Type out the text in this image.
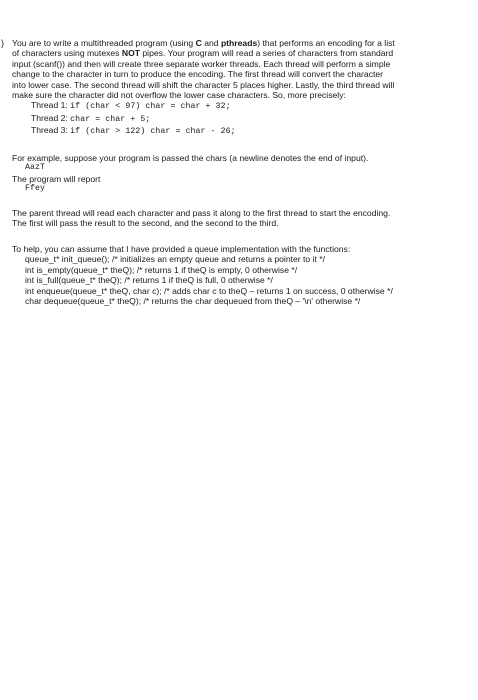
) You are to write a multithreaded program (using C and pthreads) that performs an encoding for a list
of characters using mutexes NOT pipes. Your program will read a series of characters from standard
input (scanf()) and then will create three separate worker threads. Each thread will perform a simple
change to the character in turn to produce the encoding. The first thread will convert the character
into lower case. The second thread will shift the character 5 places higher. Lastly, the third thread will
make sure the character did not overflow the lower case characters. So, more precisely:
Thread 1: if (char < 97) char = char + 32;
Thread 2: char = char + 5;
Thread 3: if (char > 122) char = char - 26;
For example, suppose your program is passed the chars (a newline denotes the end of input).
AazT
The program will report
Ffey
The parent thread will read each character and pass it along to the first thread to start the encoding.
The first will pass the result to the second, and the second to the third.
To help, you can assume that I have provided a queue implementation with the functions:
queue_t* init_queue(); /* initializes an empty queue and returns a pointer to it */
int is_empty(queue_t* theQ); /* returns 1 if theQ is empty, 0 otherwise */
int is_full(queue_t* theQ); /* returns 1 if theQ is full, 0 otherwise */
int enqueue(queue_t* theQ, char c); /* adds char c to theQ – returns 1 on success, 0 otherwise */
char dequeue(queue_t* theQ); /* returns the char dequeued from theQ – '\n' otherwise */
